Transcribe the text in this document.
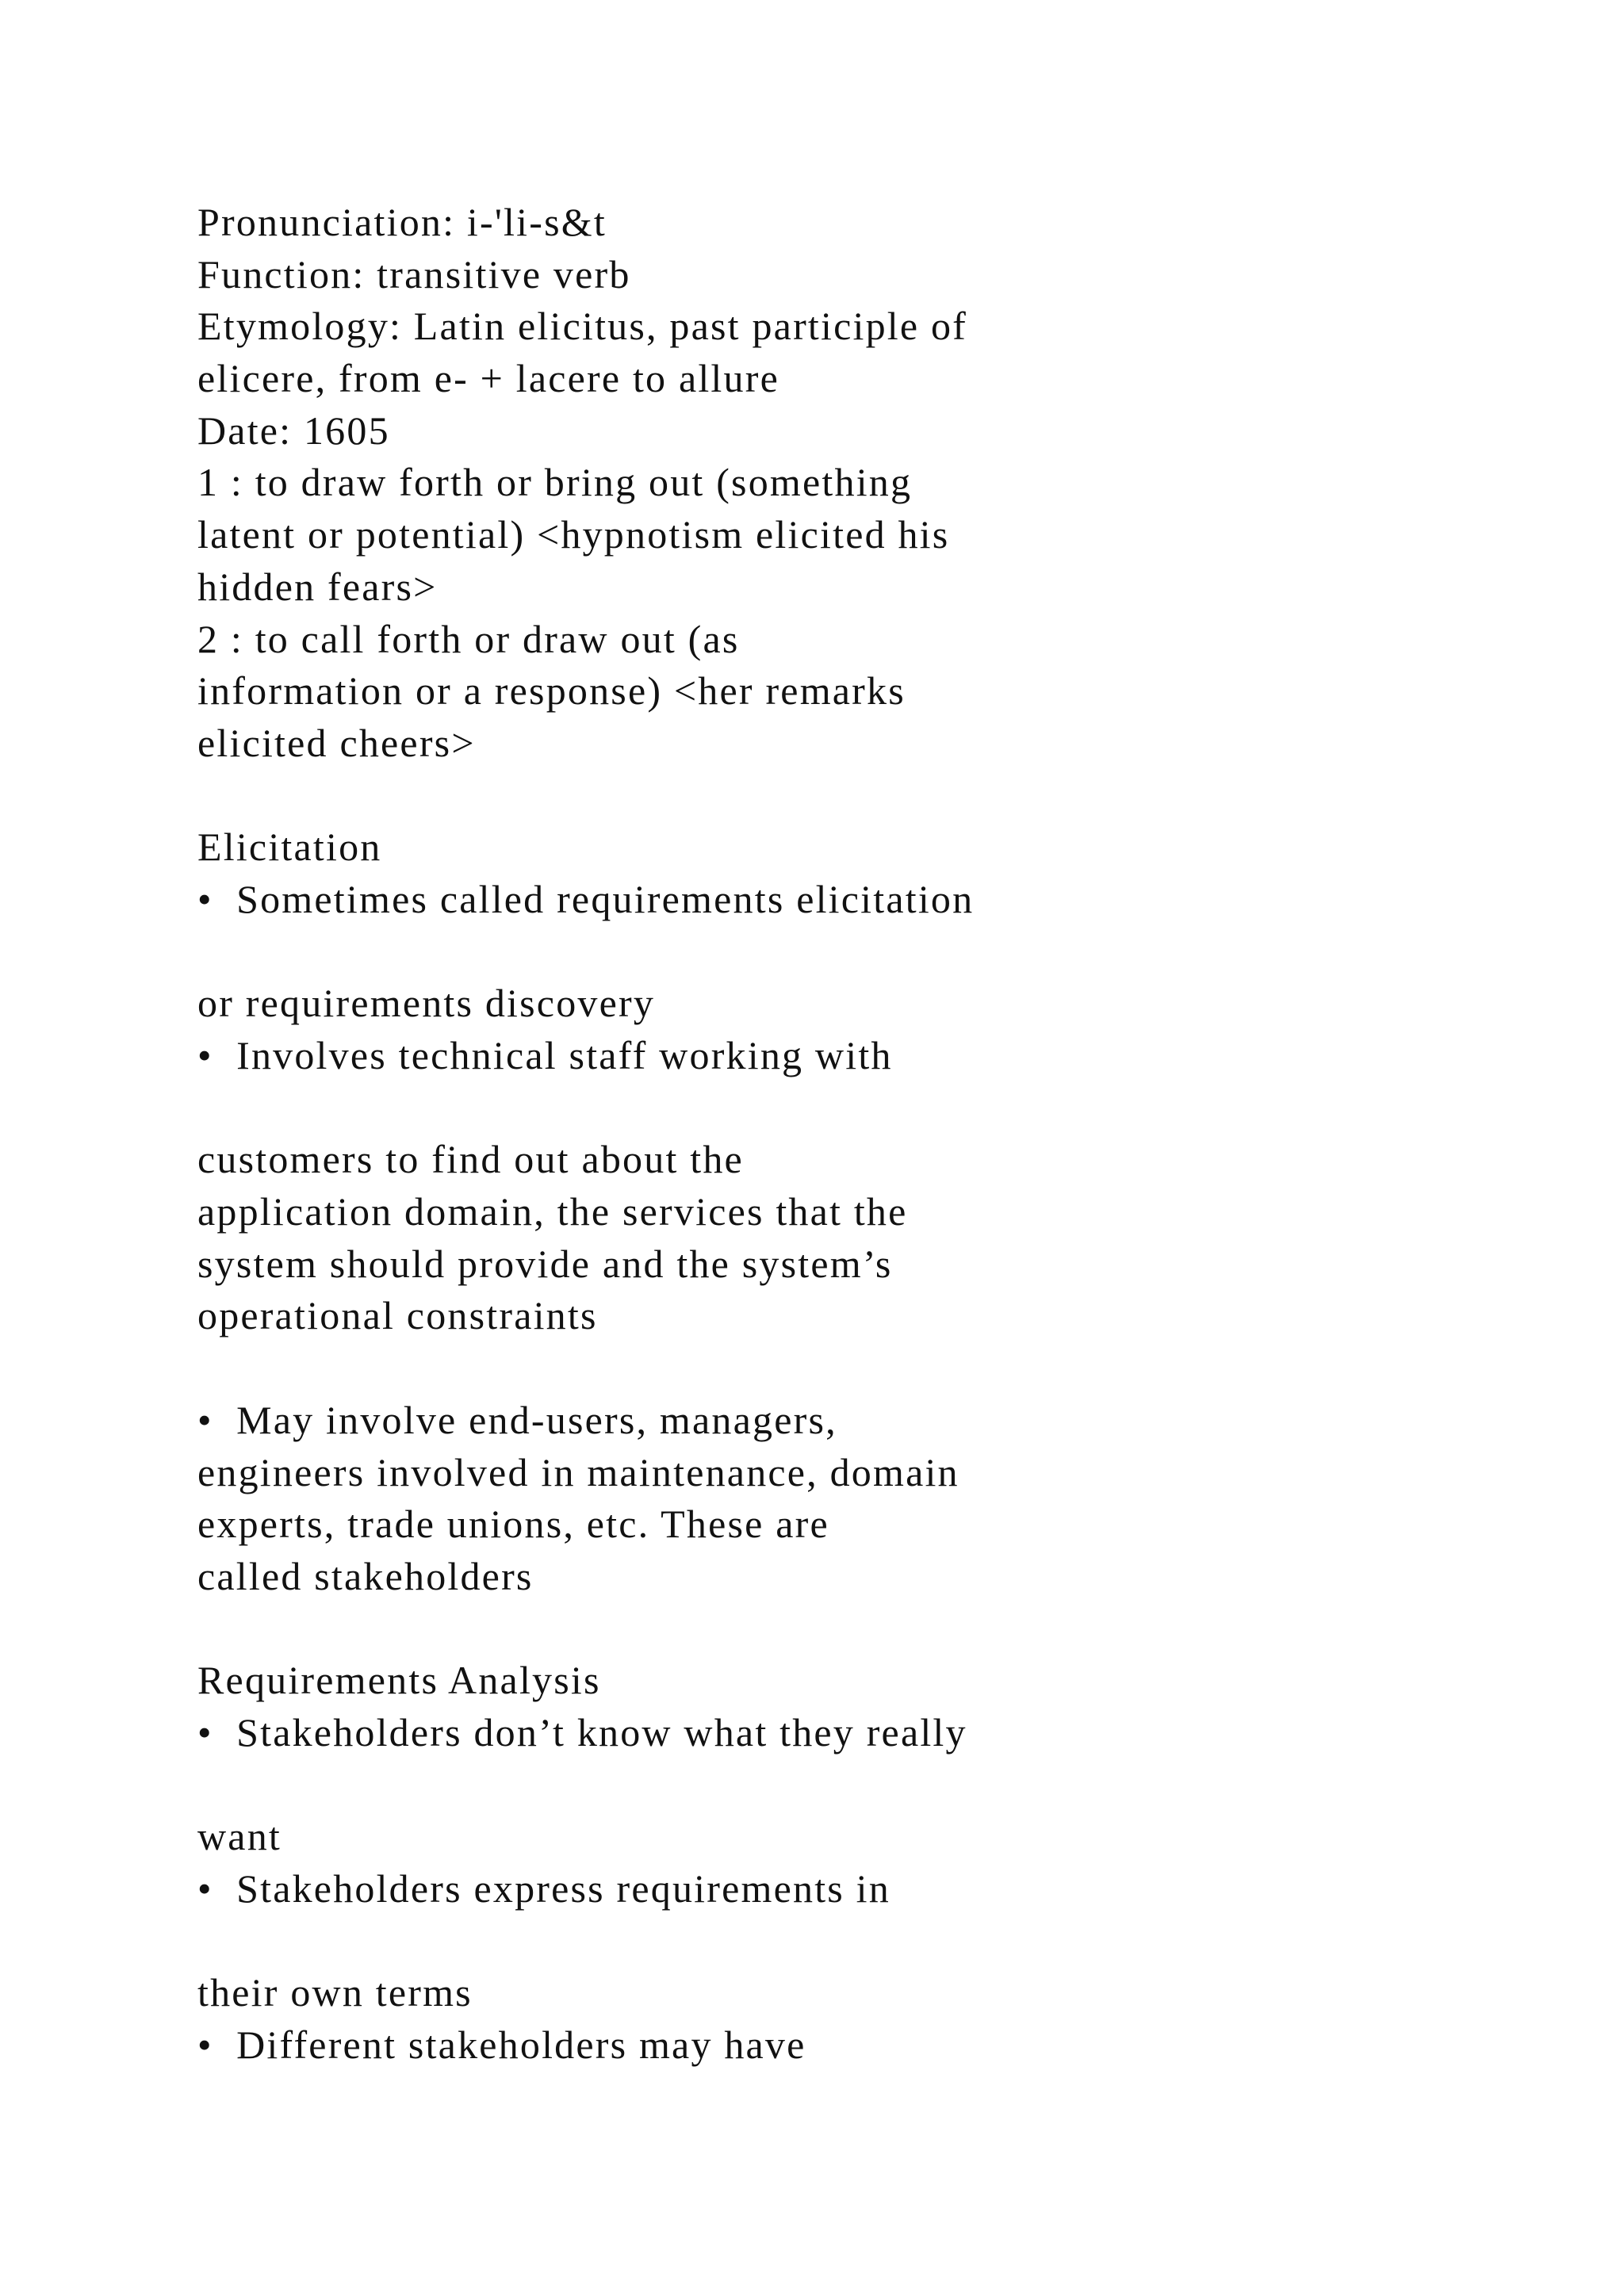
Pronunciation: i-'li-s&t
Function: transitive verb
Etymology: Latin elicitus, past participle of
elicere, from e- + lacere to allure
Date: 1605
1 : to draw forth or bring out (something
latent or potential) <hypnotism elicited his
hidden fears>
2 : to call forth or draw out (as
information or a response) <her remarks
elicited cheers>
Elicitation
•  Sometimes called requirements elicitation
or requirements discovery
•  Involves technical staff working with
customers to find out about the
application domain, the services that the
system should provide and the system’s
operational constraints
•  May involve end-users, managers,
engineers involved in maintenance, domain
experts, trade unions, etc. These are
called stakeholders
Requirements Analysis
•  Stakeholders don’t know what they really
want
•  Stakeholders express requirements in
their own terms
•  Different stakeholders may have
